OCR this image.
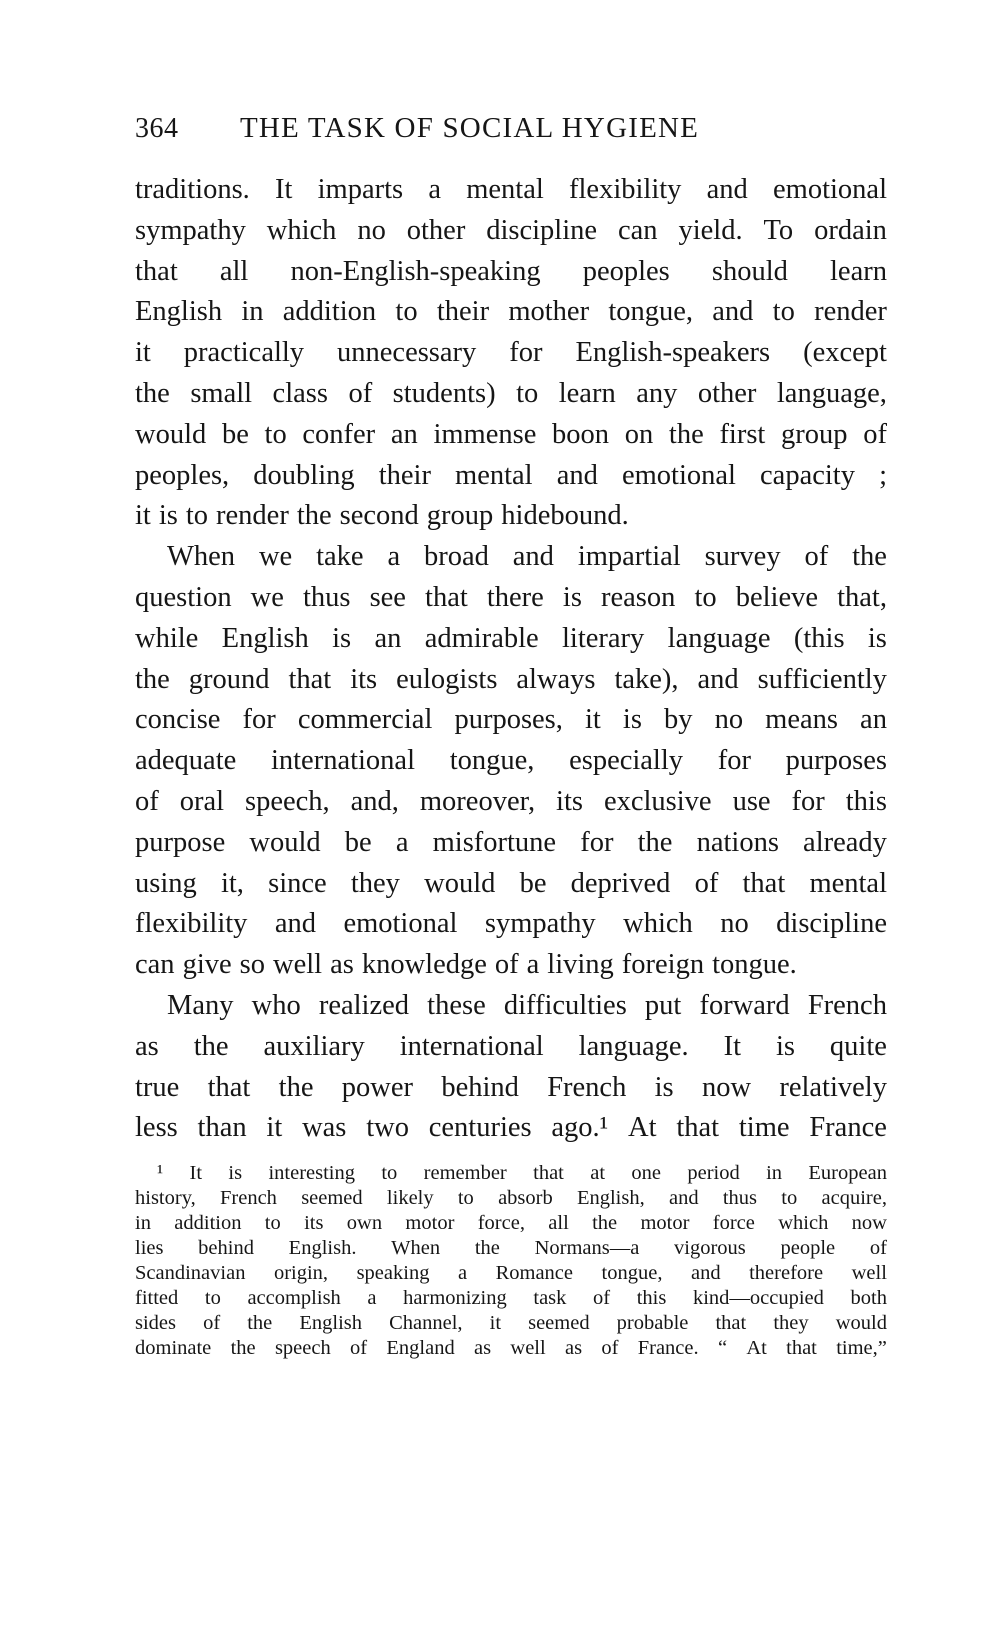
364	THE TASK OF SOCIAL HYGIENE
traditions. It imparts a mental flexibility and emotional
sympathy which no other discipline can yield. To ordain
that all non-English-speaking peoples should learn
English in addition to their mother tongue, and to render
it practically unnecessary for English-speakers (except
the small class of students) to learn any other language,
would be to confer an immense boon on the first group of
peoples, doubling their mental and emotional capacity ;
it is to render the second group hidebound.
When we take a broad and impartial survey of the
question we thus see that there is reason to believe that,
while English is an admirable literary language (this is
the ground that its eulogists always take), and sufficiently
concise for commercial purposes, it is by no means an
adequate international tongue, especially for purposes
of oral speech, and, moreover, its exclusive use for this
purpose would be a misfortune for the nations already
using it, since they would be deprived of that mental
flexibility and emotional sympathy which no discipline
can give so well as knowledge of a living foreign tongue.
Many who realized these difficulties put forward French
as the auxiliary international language. It is quite
true that the power behind French is now relatively
less than it was two centuries ago.¹ At that time France
¹ It is interesting to remember that at one period in European
history, French seemed likely to absorb English, and thus to acquire,
in addition to its own motor force, all the motor force which now
lies behind English. When the Normans—a vigorous people of
Scandinavian origin, speaking a Romance tongue, and therefore well
fitted to accomplish a harmonizing task of this kind—occupied both
sides of the English Channel, it seemed probable that they would
dominate the speech of England as well as of France. “ At that time,”
